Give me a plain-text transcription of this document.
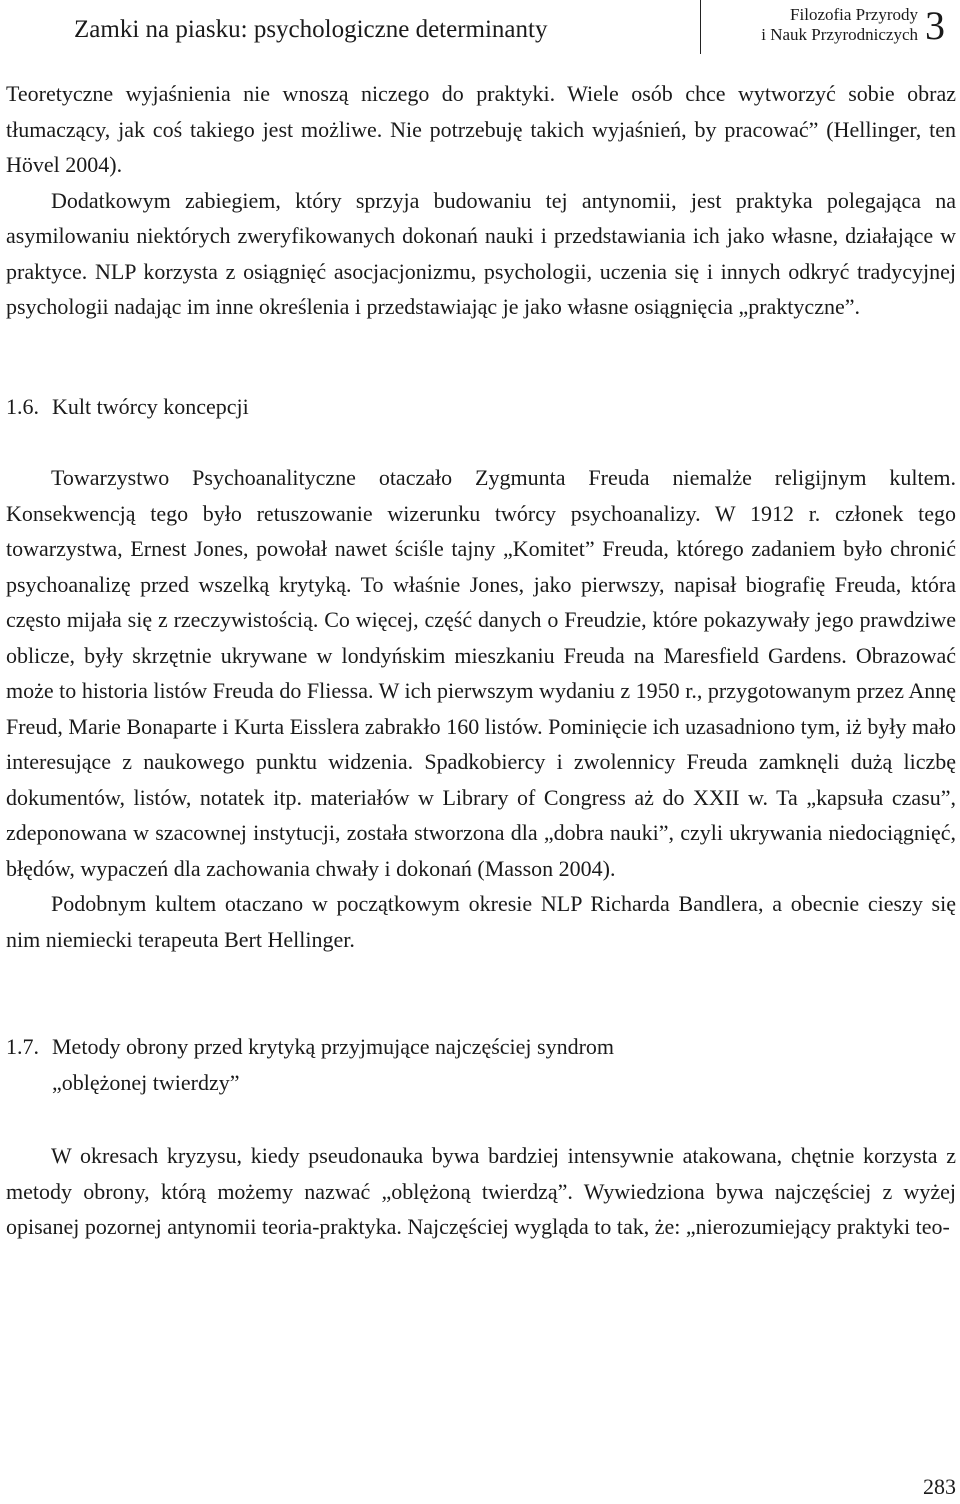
Zamki na piasku: psychologiczne determinanty
Filozofia Przyrody
i Nauk Przyrodniczych 3

Teoretyczne wyjaśnienia nie wnoszą niczego do praktyki. Wiele osób chce wytworzyć sobie obraz tłumaczący, jak coś takiego jest możliwe. Nie potrzebuję takich wyjaśnień, by pracować” (Hellinger, ten Hövel 2004).

Dodatkowym zabiegiem, który sprzyja budowaniu tej antynomii, jest praktyka polegająca na asymilowaniu niektórych zweryfikowanych dokonań nauki i przedstawiania ich jako własne, działające w praktyce. NLP korzysta z osiągnięć asocjacjonizmu, psychologii, uczenia się i innych odkryć tradycyjnej psychologii nadając im inne określenia i przedstawiając je jako własne osiągnięcia „praktyczne”.

1.6. Kult twórcy koncepcji

Towarzystwo Psychoanalityczne otaczało Zygmunta Freuda niemalże religijnym kultem. Konsekwencją tego było retuszowanie wizerunku twórcy psychoanalizy. W 1912 r. członek tego towarzystwa, Ernest Jones, powołał nawet ściśle tajny „Komitet” Freuda, którego zadaniem było chronić psychoanalizę przed wszelką krytyką. To właśnie Jones, jako pierwszy, napisał biografię Freuda, która często mijała się z rzeczywistością. Co więcej, część danych o Freudzie, które pokazywały jego prawdziwe oblicze, były skrzętnie ukrywane w londyńskim mieszkaniu Freuda na Maresfield Gardens. Obrazować może to historia listów Freuda do Fliessa. W ich pierwszym wydaniu z 1950 r., przygotowanym przez Annę Freud, Marie Bonaparte i Kurta Eisslera zabrakło 160 listów. Pominięcie ich uzasadniono tym, iż były mało interesujące z naukowego punktu widzenia. Spadkobiercy i zwolennicy Freuda zamknęli dużą liczbę dokumentów, listów, notatek itp. materiałów w Library of Congress aż do XXII w. Ta „kapsuła czasu”, zdeponowana w szacownej instytucji, została stworzona dla „dobra nauki”, czyli ukrywania niedociągnięć, błędów, wypaczeń dla zachowania chwały i dokonań (Masson 2004).

Podobnym kultem otaczano w początkowym okresie NLP Richarda Bandlera, a obecnie cieszy się nim niemiecki terapeuta Bert Hellinger.

1.7. Metody obrony przed krytyką przyjmujące najczęściej syndrom
„oblężonej twierdzy”

W okresach kryzysu, kiedy pseudonauka bywa bardziej intensywnie atakowana, chętnie korzysta z metody obrony, którą możemy nazwać „oblężoną twierdzą”. Wywiedziona bywa najczęściej z wyżej opisanej pozornej antynomii teoria-praktyka. Najczęściej wygląda to tak, że: „nierozumiejący praktyki teo-

283
